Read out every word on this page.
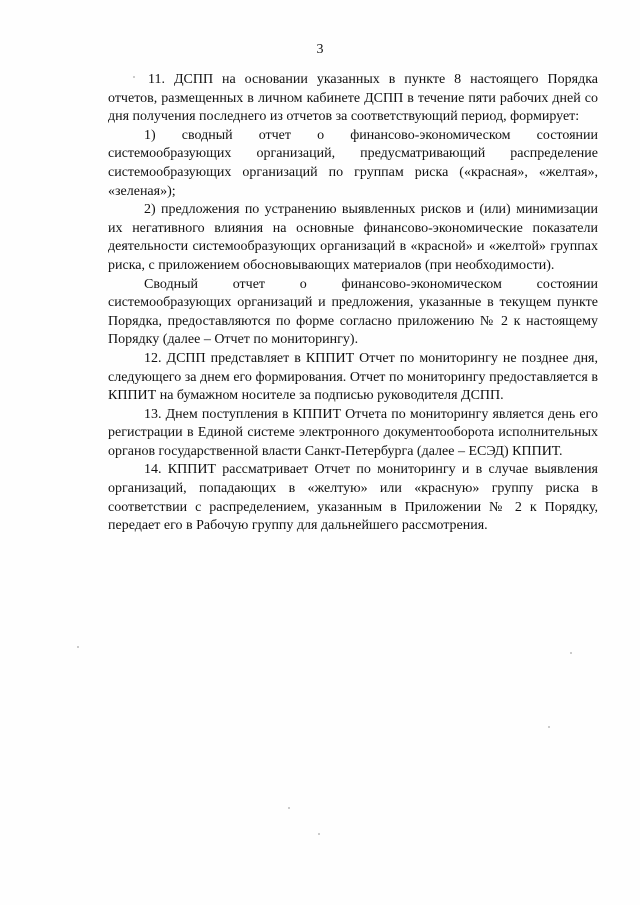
3

11. ДСПП на основании указанных в пункте 8 настоящего Порядка отчетов, размещенных в личном кабинете ДСПП в течение пяти рабочих дней со дня получения последнего из отчетов за соответствующий период, формирует:

1) сводный отчет о финансово-экономическом состоянии системообразующих организаций, предусматривающий распределение системообразующих организаций по группам риска («красная», «желтая», «зеленая»);

2) предложения по устранению выявленных рисков и (или) минимизации их негативного влияния на основные финансово-экономические показатели деятельности системообразующих организаций в «красной» и «желтой» группах риска, с приложением обосновывающих материалов (при необходимости).

Сводный отчет о финансово-экономическом состоянии системообразующих организаций и предложения, указанные в текущем пункте Порядка, предоставляются по форме согласно приложению № 2 к настоящему Порядку (далее – Отчет по мониторингу).

12. ДСПП представляет в КППИТ Отчет по мониторингу не позднее дня, следующего за днем его формирования. Отчет по мониторингу предоставляется в КППИТ на бумажном носителе за подписью руководителя ДСПП.

13. Днем поступления в КППИТ Отчета по мониторингу является день его регистрации в Единой системе электронного документооборота исполнительных органов государственной власти Санкт-Петербурга (далее – ЕСЭД) КППИТ.

14. КППИТ рассматривает Отчет по мониторингу и в случае выявления организаций, попадающих в «желтую» или «красную» группу риска в соответствии с распределением, указанным в Приложении № 2 к Порядку, передает его в Рабочую группу для дальнейшего рассмотрения.
